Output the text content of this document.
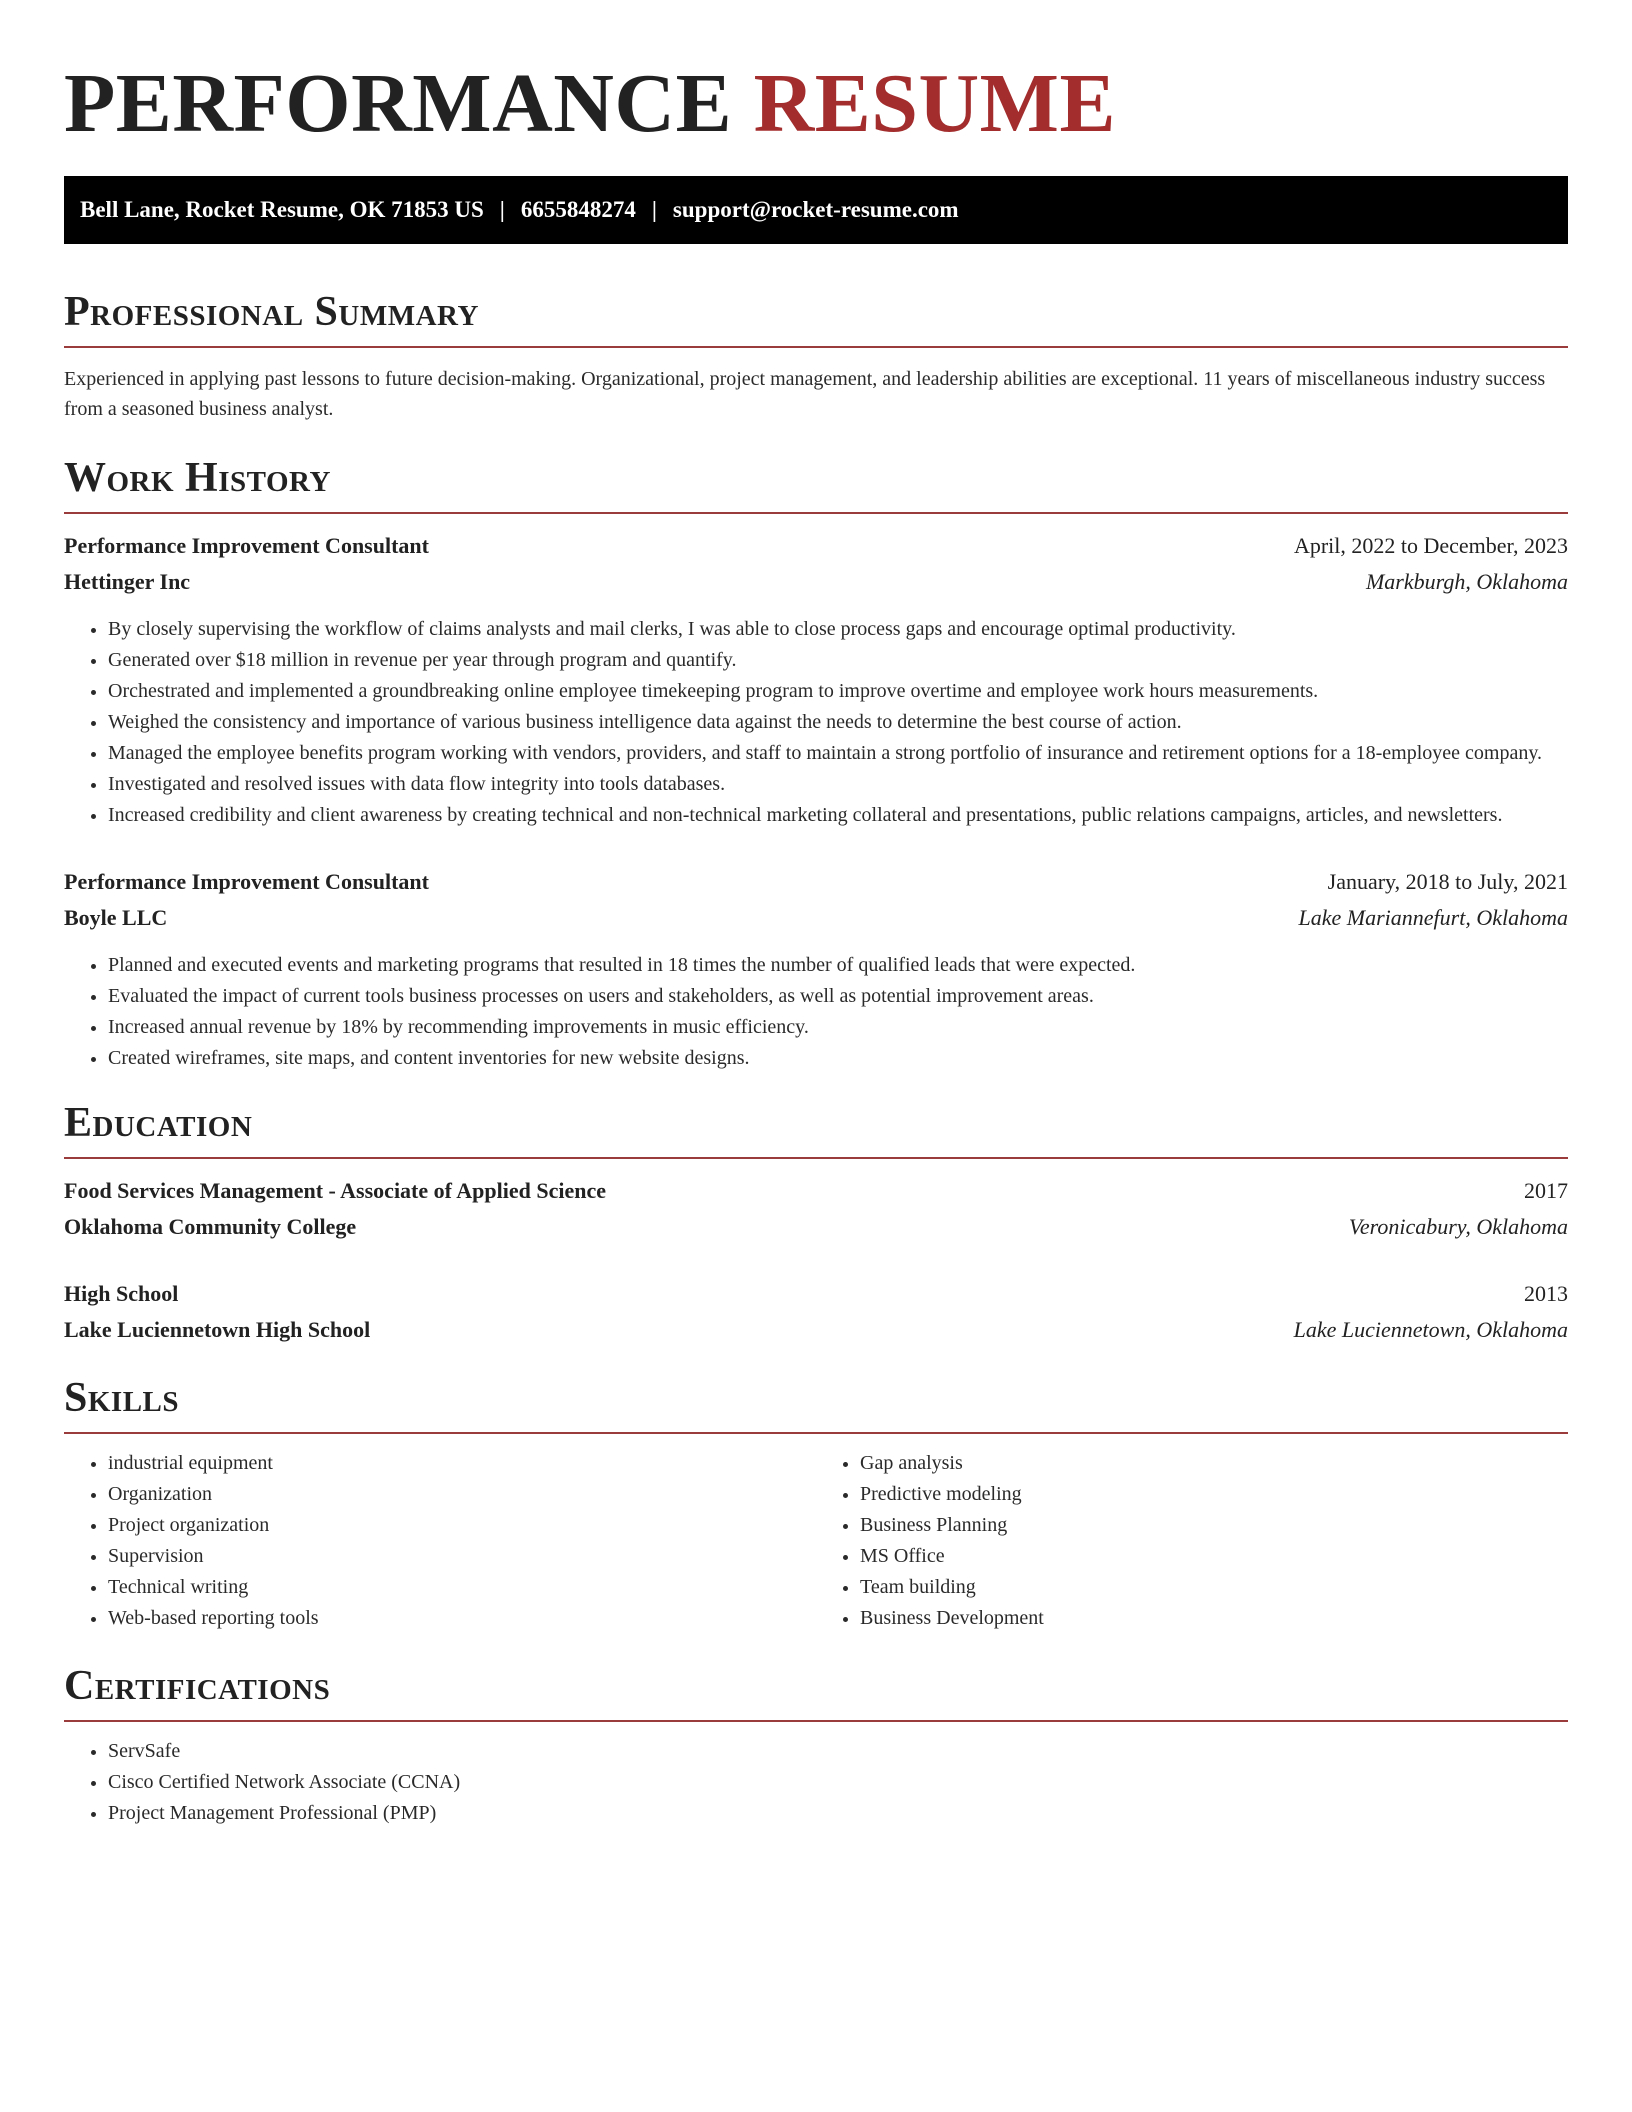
PERFORMANCE RESUME
Bell Lane, Rocket Resume, OK 71853 US | 6655848274 | support@rocket-resume.com
Professional Summary

Experienced in applying past lessons to future decision-making. Organizational, project management, and leadership abilities are exceptional. 11 years of miscellaneous industry success from a seasoned business analyst.

Work History
Performance Improvement Consultant	April, 2022 to December, 2023
Hettinger Inc	Markburgh, Oklahoma
• By closely supervising the workflow of claims analysts and mail clerks, I was able to close process gaps and encourage optimal productivity.
• Generated over $18 million in revenue per year through program and quantify.
• Orchestrated and implemented a groundbreaking online employee timekeeping program to improve overtime and employee work hours measurements.
• Weighed the consistency and importance of various business intelligence data against the needs to determine the best course of action.
• Managed the employee benefits program working with vendors, providers, and staff to maintain a strong portfolio of insurance and retirement options for a 18-employee company.
• Investigated and resolved issues with data flow integrity into tools databases.
• Increased credibility and client awareness by creating technical and non-technical marketing collateral and presentations, public relations campaigns, articles, and newsletters.
Performance Improvement Consultant	January, 2018 to July, 2021
Boyle LLC	Lake Mariannefurt, Oklahoma
• Planned and executed events and marketing programs that resulted in 18 times the number of qualified leads that were expected.
• Evaluated the impact of current tools business processes on users and stakeholders, as well as potential improvement areas.
• Increased annual revenue by 18% by recommending improvements in music efficiency.
• Created wireframes, site maps, and content inventories for new website designs.
Education
Food Services Management - Associate of Applied Science	2017
Oklahoma Community College	Veronicabury, Oklahoma
High School	2013
Lake Luciennetown High School	Lake Luciennetown, Oklahoma
Skills
• industrial equipment
• Organization
• Project organization
• Supervision
• Technical writing
• Web-based reporting tools
• Gap analysis
• Predictive modeling
• Business Planning
• MS Office
• Team building
• Business Development
Certifications
• ServSafe
• Cisco Certified Network Associate (CCNA)
• Project Management Professional (PMP)
